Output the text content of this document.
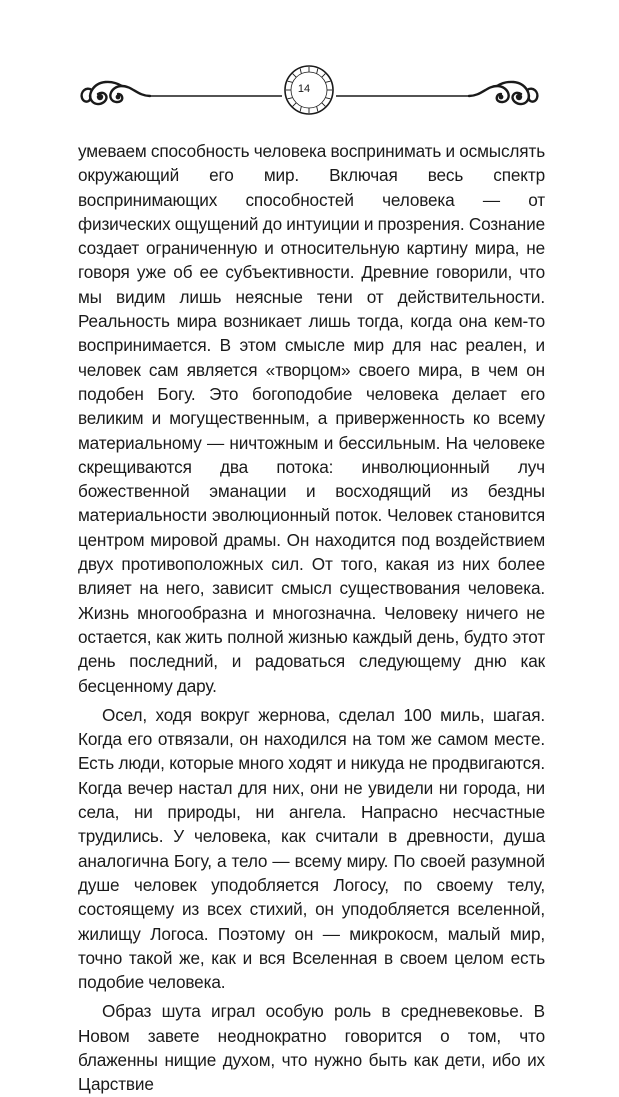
14

умеваем способность человека воспринимать и осмыслять окружающий его мир. Включая весь спектр воспринимающих способностей человека — от физических ощущений до интуиции и прозрения. Сознание создает ограниченную и относительную картину мира, не говоря уже об ее субъективности. Древние говорили, что мы видим лишь неясные тени от действительности. Реальность мира возникает лишь тогда, когда она кем-то воспринимается. В этом смысле мир для нас реален, и человек сам является «творцом» своего мира, в чем он подобен Богу. Это богоподобие человека делает его великим и могущественным, а приверженность ко всему материальному — ничтожным и бессильным. На человеке скрещиваются два потока: инволюционный луч божественной эманации и восходящий из бездны материальности эволюционный поток. Человек становится центром мировой драмы. Он находится под воздействием двух противоположных сил. От того, какая из них более влияет на него, зависит смысл существования человека. Жизнь многообразна и многозначна. Человеку ничего не остается, как жить полной жизнью каждый день, будто этот день последний, и радоваться следующему дню как бесценному дару.

Осел, ходя вокруг жернова, сделал 100 миль, шагая. Когда его отвязали, он находился на том же самом месте. Есть люди, которые много ходят и никуда не продвигаются. Когда вечер настал для них, они не увидели ни города, ни села, ни природы, ни ангела. Напрасно несчастные трудились. У человека, как считали в древности, душа аналогична Богу, а тело — всему миру. По своей разумной душе человек уподобляется Логосу, по своему телу, состоящему из всех стихий, он уподобляется вселенной, жилищу Логоса. Поэтому он — микрокосм, малый мир, точно такой же, как и вся Вселенная в своем целом есть подобие человека.

Образ шута играл особую роль в средневековье. В Новом завете неоднократно говорится о том, что блаженны нищие духом, что нужно быть как дети, ибо их Царствие
